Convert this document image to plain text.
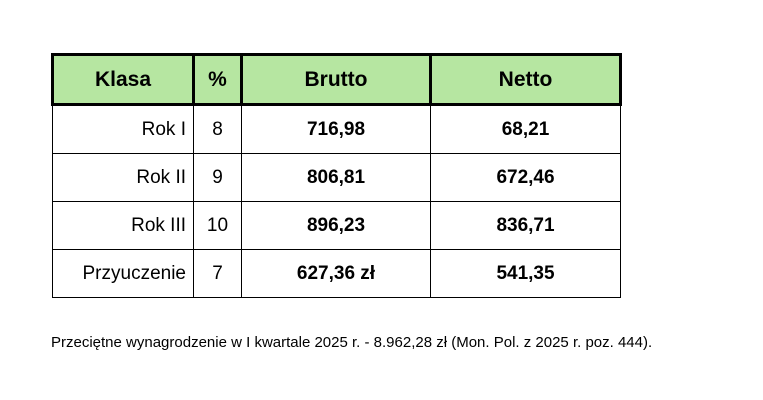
Klasa	%	Brutto	Netto
Rok I	8	716,98	68,21
Rok II	9	806,81	672,46
Rok III	10	896,23	836,71
Przyuczenie	7	627,36 zł	541,35
Przeciętne wynagrodzenie w I kwartale 2025 r. - 8.962,28 zł (Mon. Pol. z 2025 r. poz. 444).
